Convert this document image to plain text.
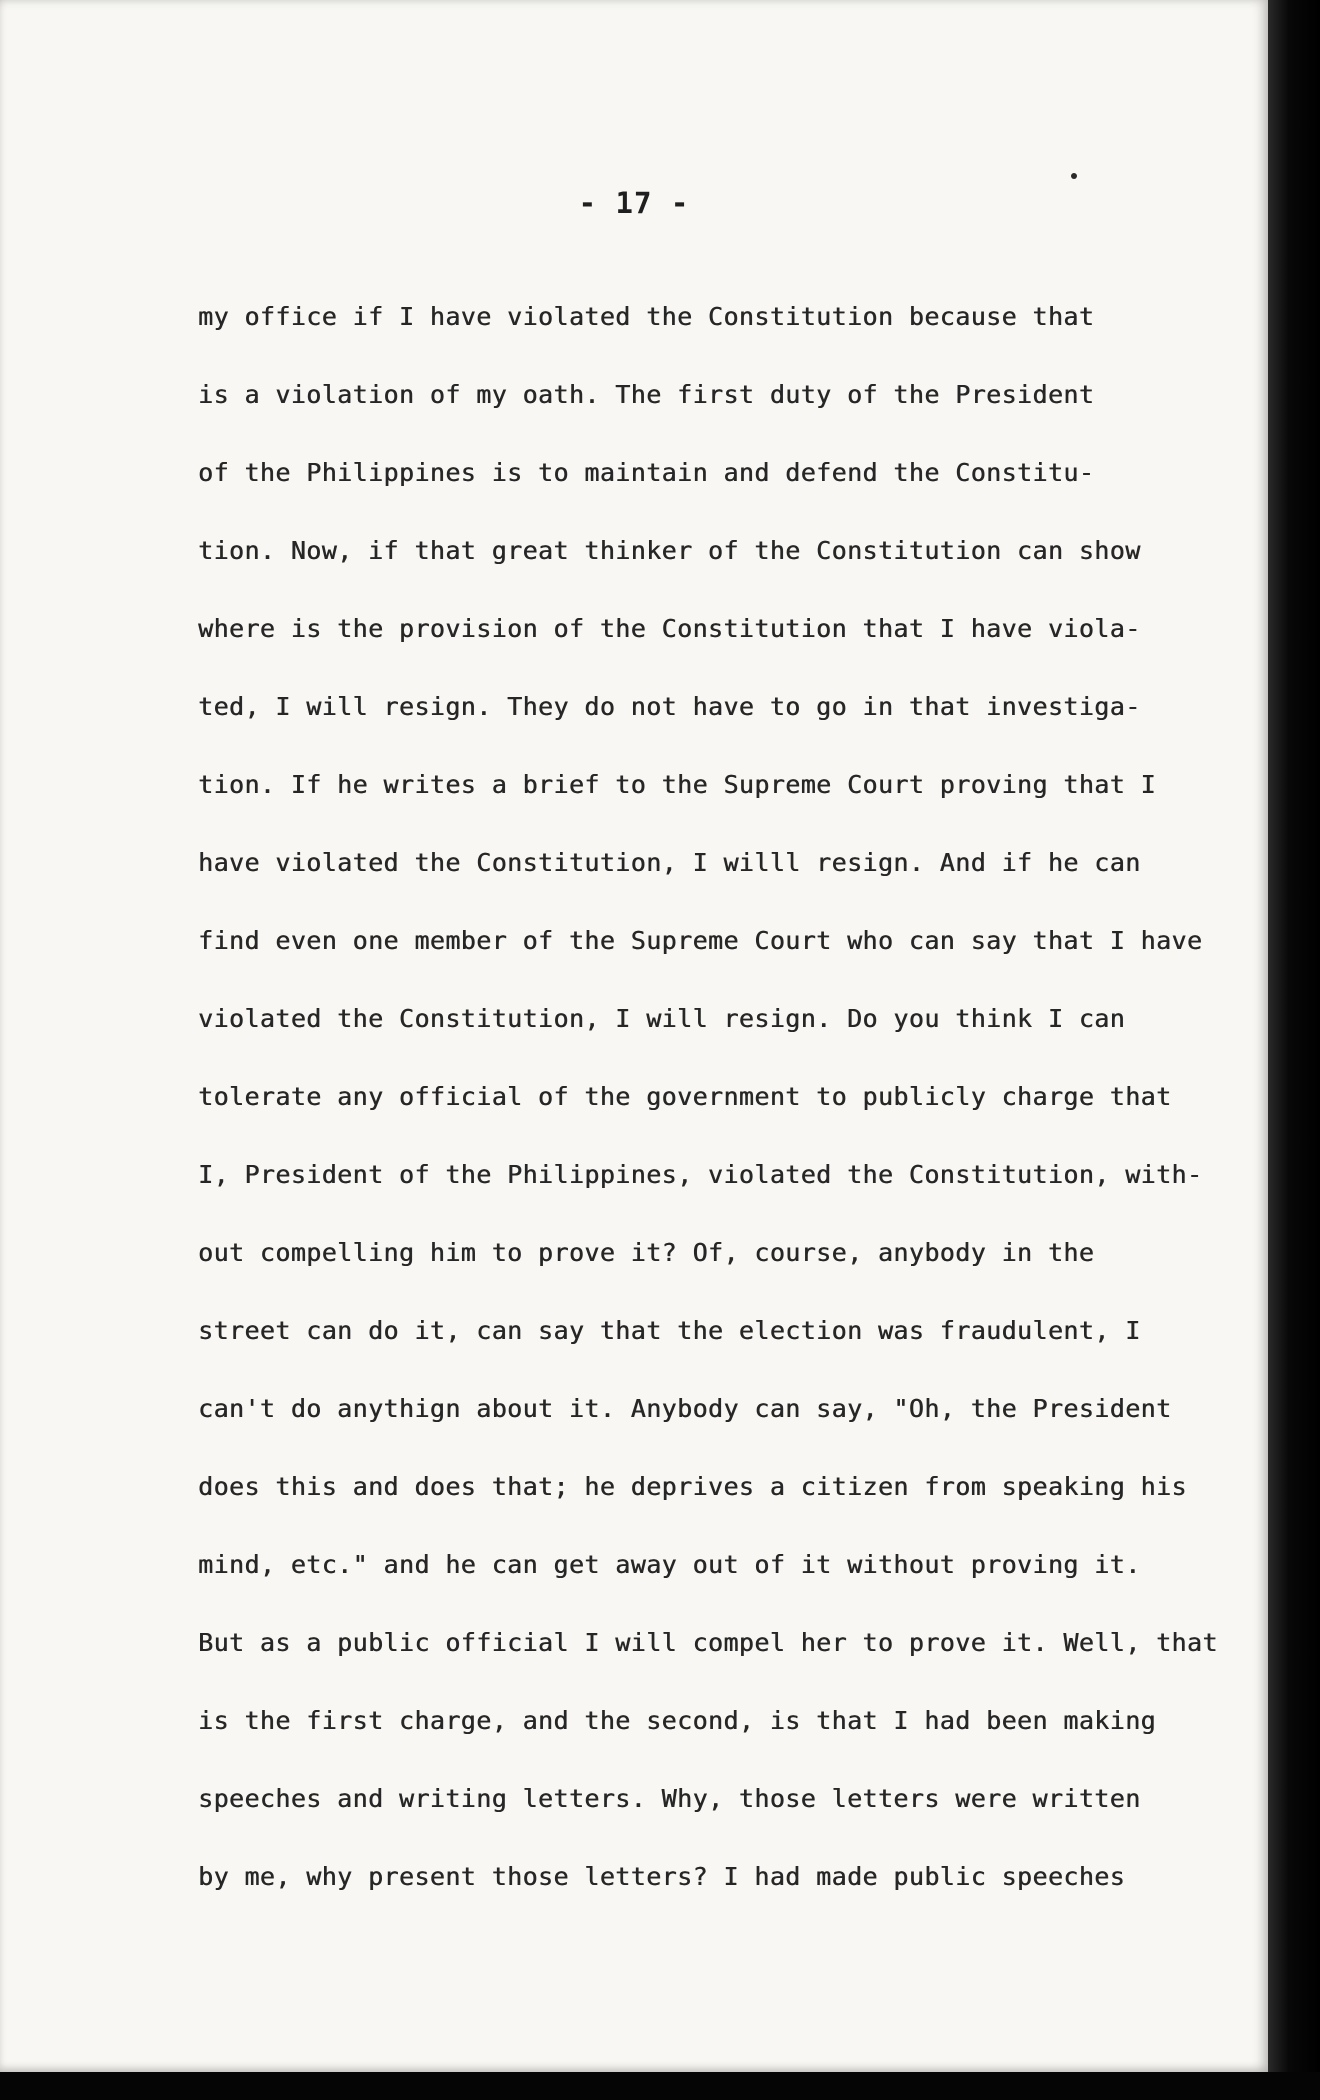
- 17 -
my office if I have violated the Constitution because that
is a violation of my oath. The first duty of the President
of the Philippines is to maintain and defend the Constitu-
tion. Now, if that great thinker of the Constitution can show
where is the provision of the Constitution that I have viola-
ted, I will resign. They do not have to go in that investiga-
tion. If he writes a brief to the Supreme Court proving that I
have violated the Constitution, I willl resign. And if he can
find even one member of the Supreme Court who can say that I have
violated the Constitution, I will resign. Do you think I can
tolerate any official of the government to publicly charge that
I, President of the Philippines, violated the Constitution, with-
out compelling him to prove it? Of, course, anybody in the
street can do it, can say that the election was fraudulent, I
can't do anythign about it. Anybody can say, "Oh, the President
does this and does that; he deprives a citizen from speaking his
mind, etc." and he can get away out of it without proving it.
But as a public official I will compel her to prove it. Well, that
is the first charge, and the second, is that I had been making
speeches and writing letters. Why, those letters were written
by me, why present those letters? I had made public speeches
